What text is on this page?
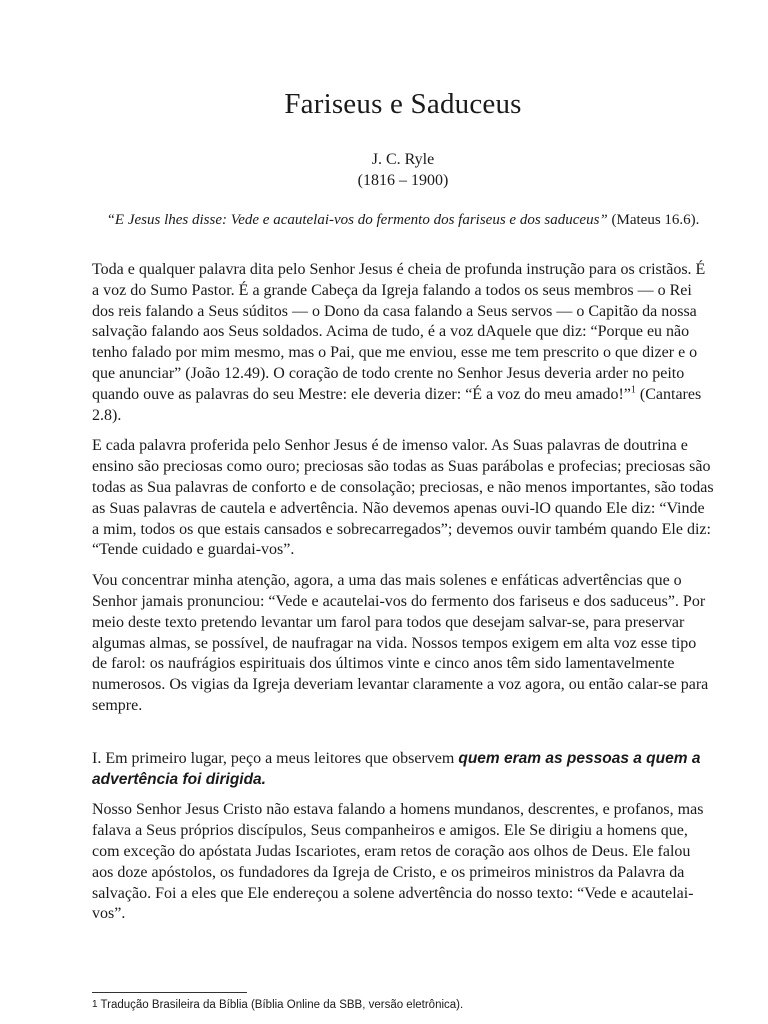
Fariseus e Saduceus
J. C. Ryle
(1816 – 1900)
“E Jesus lhes disse: Vede e acautelai-vos do fermento dos fariseus e dos saduceus” (Mateus 16.6).

Toda e qualquer palavra dita pelo Senhor Jesus é cheia de profunda instrução para os cristãos. É a voz do Sumo Pastor. É a grande Cabeça da Igreja falando a todos os seus membros — o Rei dos reis falando a Seus súditos — o Dono da casa falando a Seus servos — o Capitão da nossa salvação falando aos Seus soldados. Acima de tudo, é a voz dAquele que diz: “Porque eu não tenho falado por mim mesmo, mas o Pai, que me enviou, esse me tem prescrito o que dizer e o que anunciar” (João 12.49). O coração de todo crente no Senhor Jesus deveria arder no peito quando ouve as palavras do seu Mestre: ele deveria dizer: “É a voz do meu amado!”$^1$ (Cantares 2.8).

E cada palavra proferida pelo Senhor Jesus é de imenso valor. As Suas palavras de doutrina e ensino são preciosas como ouro; preciosas são todas as Suas parábolas e profecias; preciosas são todas as Sua palavras de conforto e de consolação; preciosas, e não menos importantes, são todas as Suas palavras de cautela e advertência. Não devemos apenas ouvi-lO quando Ele diz: “Vinde a mim, todos os que estais cansados e sobrecarregados”; devemos ouvir também quando Ele diz: “Tende cuidado e guardai-vos”.

Vou concentrar minha atenção, agora, a uma das mais solenes e enfáticas advertências que o Senhor jamais pronunciou: “Vede e acautelai-vos do fermento dos fariseus e dos saduceus”. Por meio deste texto pretendo levantar um farol para todos que desejam salvar-se, para preservar algumas almas, se possível, de naufragar na vida. Nossos tempos exigem em alta voz esse tipo de farol: os naufrágios espirituais dos últimos vinte e cinco anos têm sido lamentavelmente numerosos. Os vigias da Igreja deveriam levantar claramente a voz agora, ou então calar-se para sempre.

I. Em primeiro lugar, peço a meus leitores que observem quem eram as pessoas a quem a advertência foi dirigida.

Nosso Senhor Jesus Cristo não estava falando a homens mundanos, descrentes, e profanos, mas falava a Seus próprios discípulos, Seus companheiros e amigos. Ele Se dirigiu a homens que, com exceção do apóstata Judas Iscariotes, eram retos de coração aos olhos de Deus. Ele falou aos doze apóstolos, os fundadores da Igreja de Cristo, e os primeiros ministros da Palavra da salvação. Foi a eles que Ele endereçou a solene advertência do nosso texto: “Vede e acautelai-vos”.

1 Tradução Brasileira da Bíblia (Bíblia Online da SBB, versão eletrônica).
